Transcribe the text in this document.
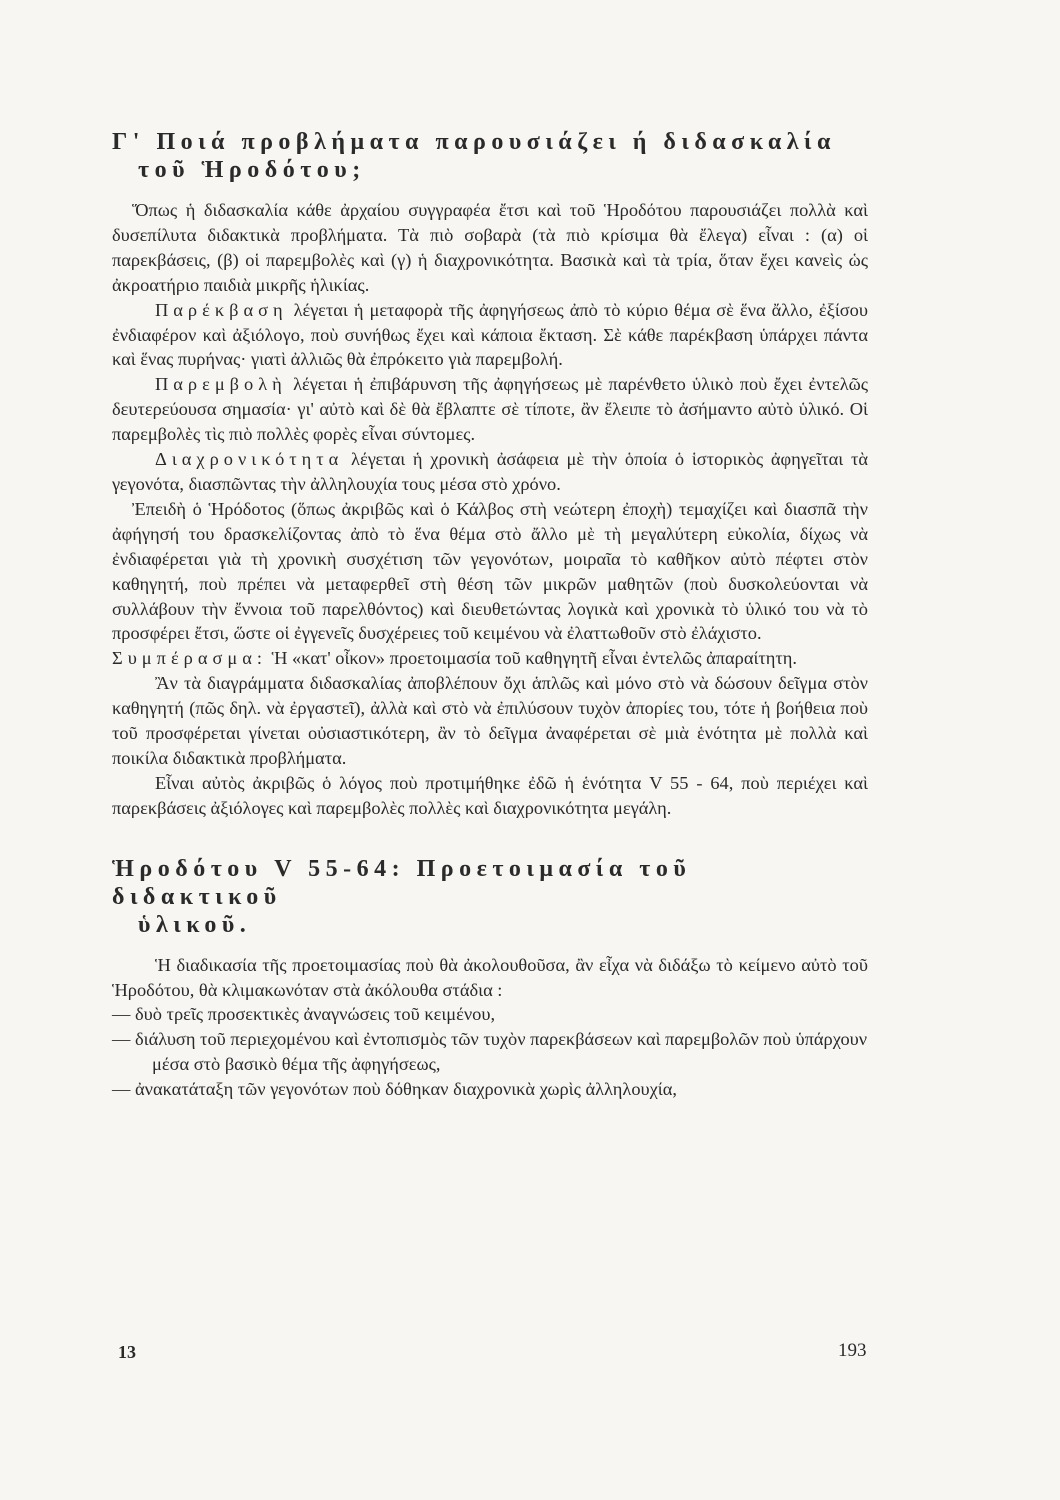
Γ' Ποιά προβλήματα παρουσιάζει ή διδασκαλία
τοῦ Ἡροδότου;

Ὅπως ἡ διδασκαλία κάθε ἀρχαίου συγγραφέα ἔτσι καὶ τοῦ Ἡροδότου παρουσιάζει πολλὰ καὶ δυσεπίλυτα διδακτικὰ προβλήματα. Τὰ πιὸ σοβαρὰ (τὰ πιὸ κρίσιμα θὰ ἔλεγα) εἶναι : (α) οἱ παρεκβάσεις, (β) οἱ παρεμβολὲς καὶ (γ) ἡ διαχρονικότητα. Βασικὰ καὶ τὰ τρία, ὅταν ἔχει κανεὶς ὡς ἀκροατήριο παιδιὰ μικρῆς ἡλικίας.

Παρέκβαση λέγεται ἡ μεταφορὰ τῆς ἀφηγήσεως ἀπὸ τὸ κύριο θέμα σὲ ἕνα ἄλλο, ἐξίσου ἐνδιαφέρον καὶ ἀξιόλογο, ποὺ συνήθως ἔχει καὶ κάποια ἔκταση. Σὲ κάθε παρέκβαση ὑπάρχει πάντα καὶ ἕνας πυρήνας· γιατὶ ἀλλιῶς θὰ ἐπρόκειτο γιὰ παρεμβολή.

Παρεμβολὴ λέγεται ἡ ἐπιβάρυνση τῆς ἀφηγήσεως μὲ παρένθετο ὑλικὸ ποὺ ἔχει ἐντελῶς δευτερεύουσα σημασία· γι' αὐτὸ καὶ δὲ θὰ ἔβλαπτε σὲ τίποτε, ἂν ἔλειπε τὸ ἀσήμαντο αὐτὸ ὑλικό. Οἱ παρεμβολὲς τὶς πιὸ πολλὲς φορὲς εἶναι σύντομες.

Διαχρονικότητα λέγεται ἡ χρονικὴ ἀσάφεια μὲ τὴν ὁποία ὁ ἱστορικὸς ἀφηγεῖται τὰ γεγονότα, διασπῶντας τὴν ἀλληλουχία τους μέσα στὸ χρόνο.

Ἐπειδὴ ὁ Ἡρόδοτος (ὅπως ἀκριβῶς καὶ ὁ Κάλβος στὴ νεώτερη ἐποχὴ) τεμαχίζει καὶ διασπᾶ τὴν ἀφήγησή του δρασκελίζοντας ἀπὸ τὸ ἕνα θέμα στὸ ἄλλο μὲ τὴ μεγαλύτερη εὐκολία, δίχως νὰ ἐνδιαφέρεται γιὰ τὴ χρονικὴ συσχέτιση τῶν γεγονότων, μοιραῖα τὸ καθῆκον αὐτὸ πέφτει στὸν καθηγητή, ποὺ πρέπει νὰ μεταφερθεῖ στὴ θέση τῶν μικρῶν μαθητῶν (ποὺ δυσκολεύονται νὰ συλλάβουν τὴν ἔννοια τοῦ παρελθόντος) καὶ διευθετώντας λογικὰ καὶ χρονικὰ τὸ ὑλικό του νὰ τὸ προσφέρει ἔτσι, ὥστε οἱ ἐγγενεῖς δυσχέρειες τοῦ κειμένου νὰ ἐλαττωθοῦν στὸ ἐλάχιστο.

Συμπέρασμα: Ἡ «κατ' οἶκον» προετοιμασία τοῦ καθηγητῆ εἶναι ἐντελῶς ἀπαραίτητη.

Ἂν τὰ διαγράμματα διδασκαλίας ἀποβλέπουν ὄχι ἁπλῶς καὶ μόνο στὸ νὰ δώσουν δεῖγμα στὸν καθηγητή (πῶς δηλ. νὰ ἐργαστεῖ), ἀλλὰ καὶ στὸ νὰ ἐπιλύσουν τυχὸν ἀπορίες του, τότε ἡ βοήθεια ποὺ τοῦ προσφέρεται γίνεται οὐσιαστικότερη, ἂν τὸ δεῖγμα ἀναφέρεται σὲ μιὰ ἑνότητα μὲ πολλὰ καὶ ποικίλα διδακτικὰ προβλήματα.

Εἶναι αὐτὸς ἀκριβῶς ὁ λόγος ποὺ προτιμήθηκε ἐδῶ ἡ ἑνότητα V 55 - 64, ποὺ περιέχει καὶ παρεκβάσεις ἀξιόλογες καὶ παρεμβολὲς πολλὲς καὶ διαχρονικότητα μεγάλη.

Ἡροδότου V 55-64: Προετοιμασία τοῦ διδακτικοῦ
ὑλικοῦ.

Ἡ διαδικασία τῆς προετοιμασίας ποὺ θὰ ἀκολουθοῦσα, ἂν εἶχα νὰ διδάξω τὸ κείμενο αὐτὸ τοῦ Ἡροδότου, θὰ κλιμακωνόταν στὰ ἀκόλουθα στάδια :

— δυὸ τρεῖς προσεκτικὲς ἀναγνώσεις τοῦ κειμένου,
— διάλυση τοῦ περιεχομένου καὶ ἐντοπισμὸς τῶν τυχὸν παρεκβάσεων καὶ παρεμβολῶν ποὺ ὑπάρχουν μέσα στὸ βασικὸ θέμα τῆς ἀφηγήσεως,
— ἀνακατάταξη τῶν γεγονότων ποὺ δόθηκαν διαχρονικὰ χωρὶς ἀλληλουχία,
13	193
